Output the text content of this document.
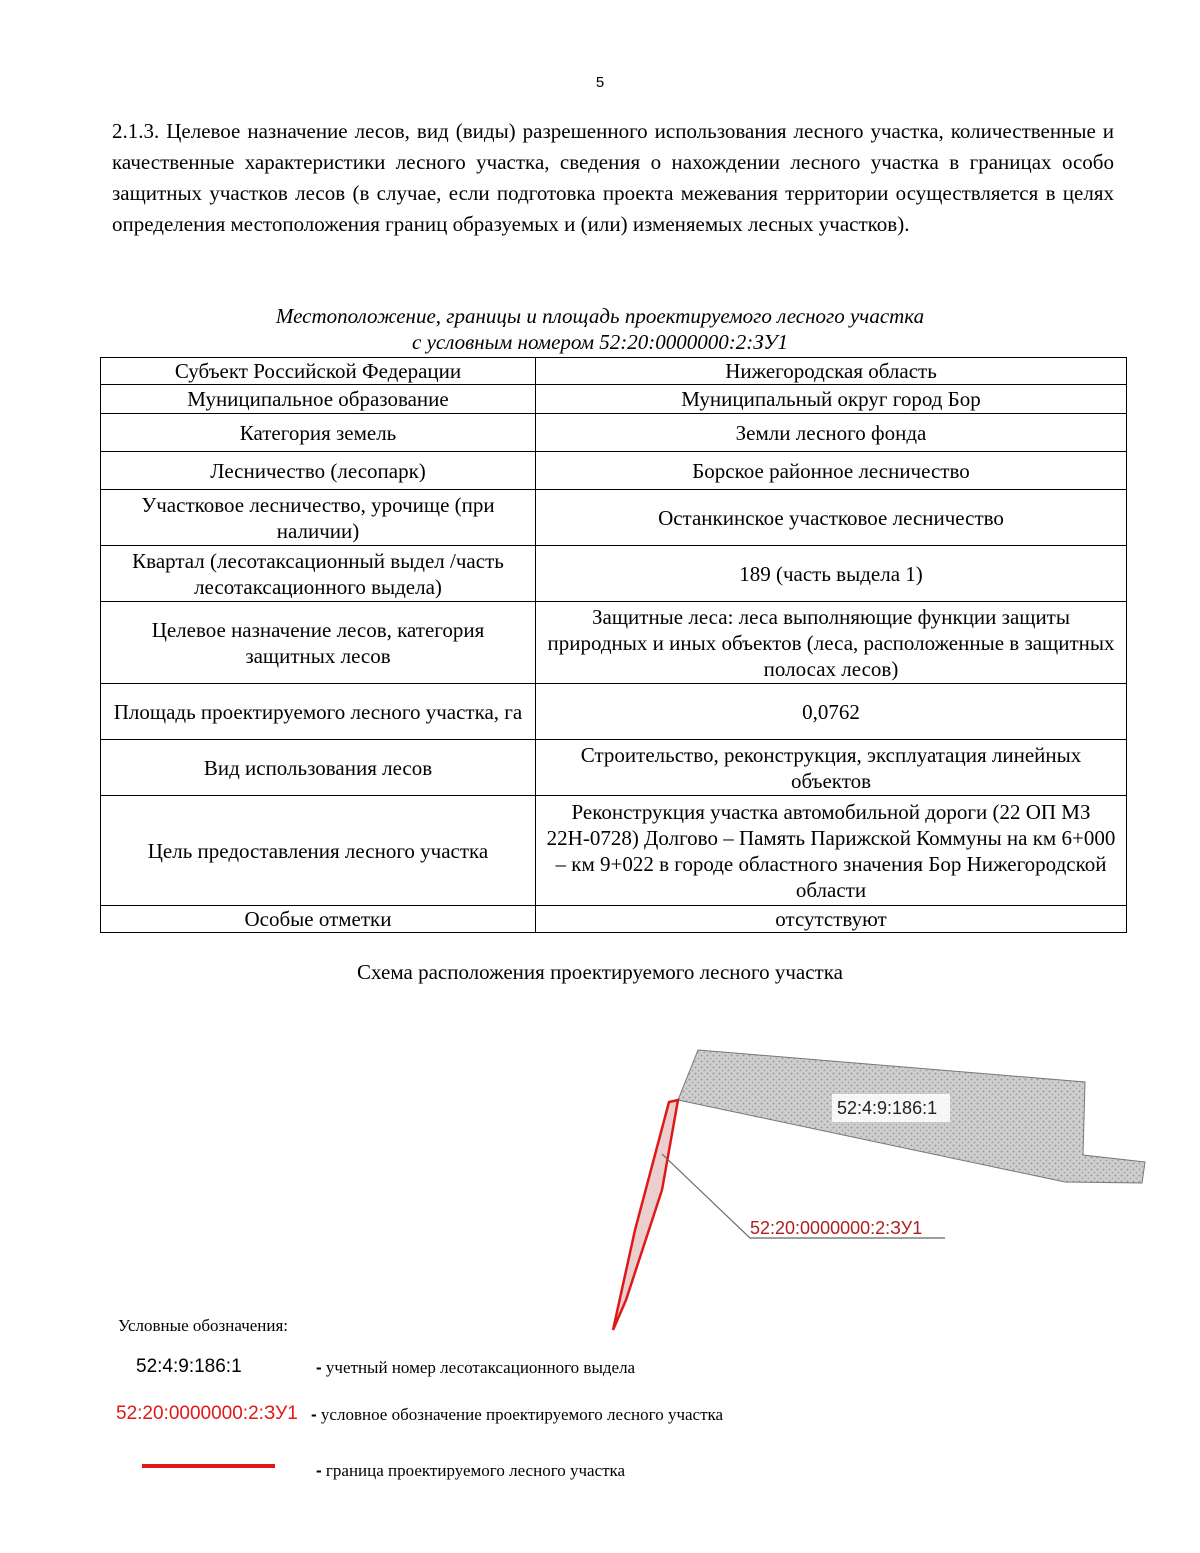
5

2.1.3. Целевое назначение лесов, вид (виды) разрешенного использования лесного участка, количественные и качественные характеристики лесного участка, сведения о нахождении лесного участка в границах особо защитных участков лесов (в случае, если подготовка проекта межевания территории осуществляется в целях определения местоположения границ образуемых и (или) изменяемых лесных участков).

Местоположение, границы и площадь проектируемого лесного участка
с условным номером 52:20:0000000:2:ЗУ1
Субъект Российской Федерации	Нижегородская область
Муниципальное образование	Муниципальный округ город Бор
Категория земель	Земли лесного фонда
Лесничество (лесопарк)	Борское районное лесничество
Участковое лесничество, урочище (при наличии)	Останкинское участковое лесничество
Квартал (лесотаксационный выдел /часть лесотаксационного выдела)	189 (часть выдела 1)
Целевое назначение лесов, категория защитных лесов	Защитные леса: леса выполняющие функции защиты природных и иных объектов (леса, расположенные в защитных полосах лесов)
Площадь проектируемого лесного участка, га	0,0762
Вид использования лесов	Строительство, реконструкция, эксплуатация линейных объектов
Цель предоставления лесного участка	Реконструкция участка автомобильной дороги (22 ОП МЗ 22Н-0728) Долгово – Память Парижской Коммуны на км 6+000 – км 9+022 в городе областного значения Бор Нижегородской области
Особые отметки	отсутствуют
Схема расположения проектируемого лесного участка
52:4:9:186:1
52:20:0000000:2:ЗУ1
Условные обозначения:
52:4:9:186:1	- учетный номер лесотаксационного выдела
52:20:0000000:2:ЗУ1 - условное обозначение проектируемого лесного участка
- граница проектируемого лесного участка
